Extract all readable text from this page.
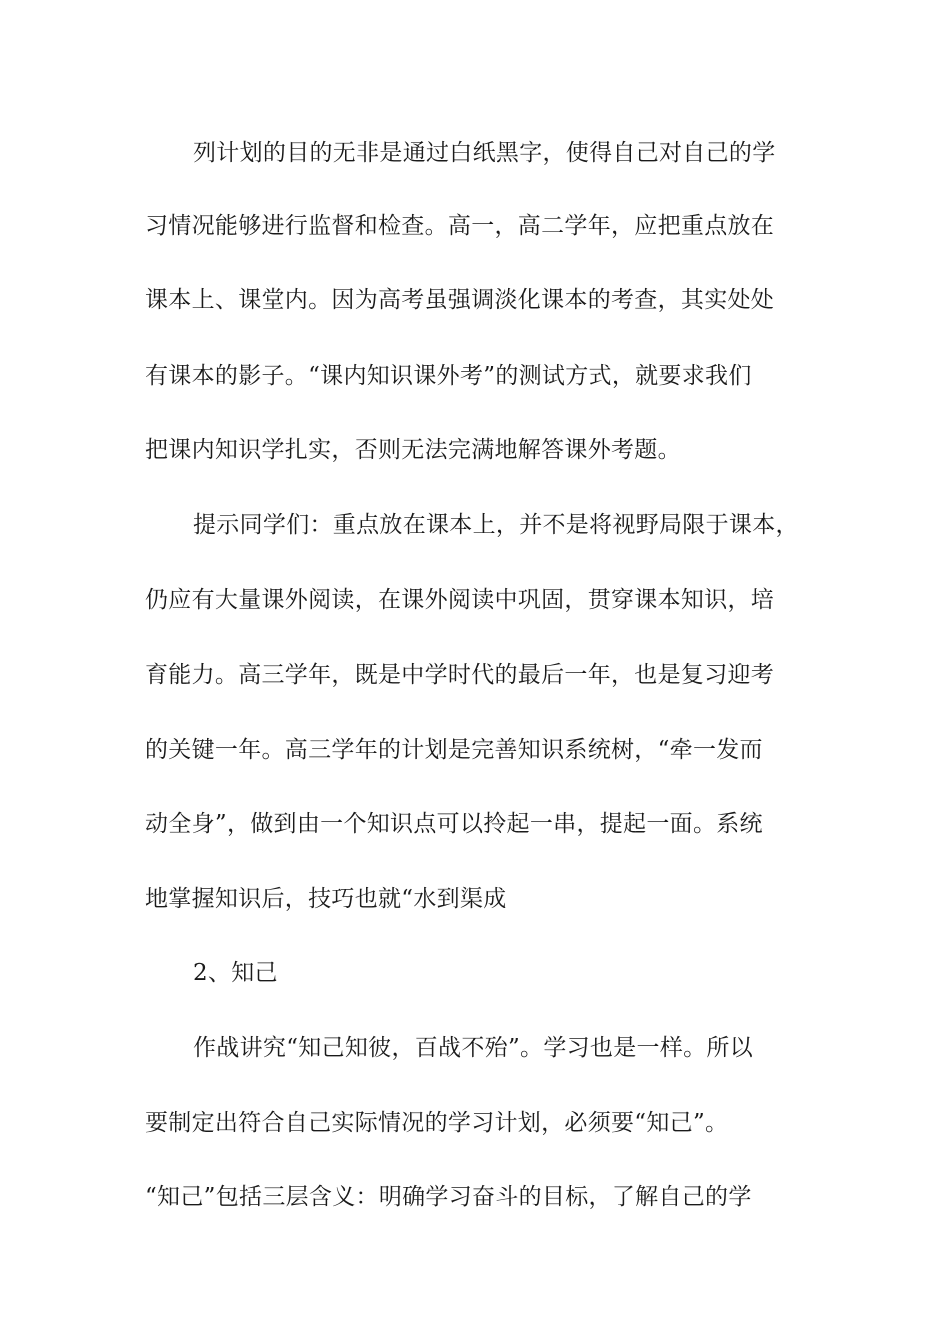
列计划的目的无非是通过白纸黑字，使得自己对自己的学

习情况能够进行监督和检查。高一，高二学年，应把重点放在

课本上、课堂内。因为高考虽强调淡化课本的考查，其实处处

有课本的影子。“课内知识课外考”的测试方式，就要求我们

把课内知识学扎实，否则无法完满地解答课外考题。

提示同学们：重点放在课本上，并不是将视野局限于课本，

仍应有大量课外阅读，在课外阅读中巩固，贯穿课本知识，培

育能力。高三学年，既是中学时代的最后一年，也是复习迎考

的关键一年。高三学年的计划是完善知识系统树，“牵一发而

动全身”，做到由一个知识点可以拎起一串，提起一面。系统

地掌握知识后，技巧也就“水到渠成

2、知己

作战讲究“知己知彼，百战不殆”。学习也是一样。所以

要制定出符合自己实际情况的学习计划，必须要“知己”。

“知己”包括三层含义：明确学习奋斗的目标，了解自己的学
